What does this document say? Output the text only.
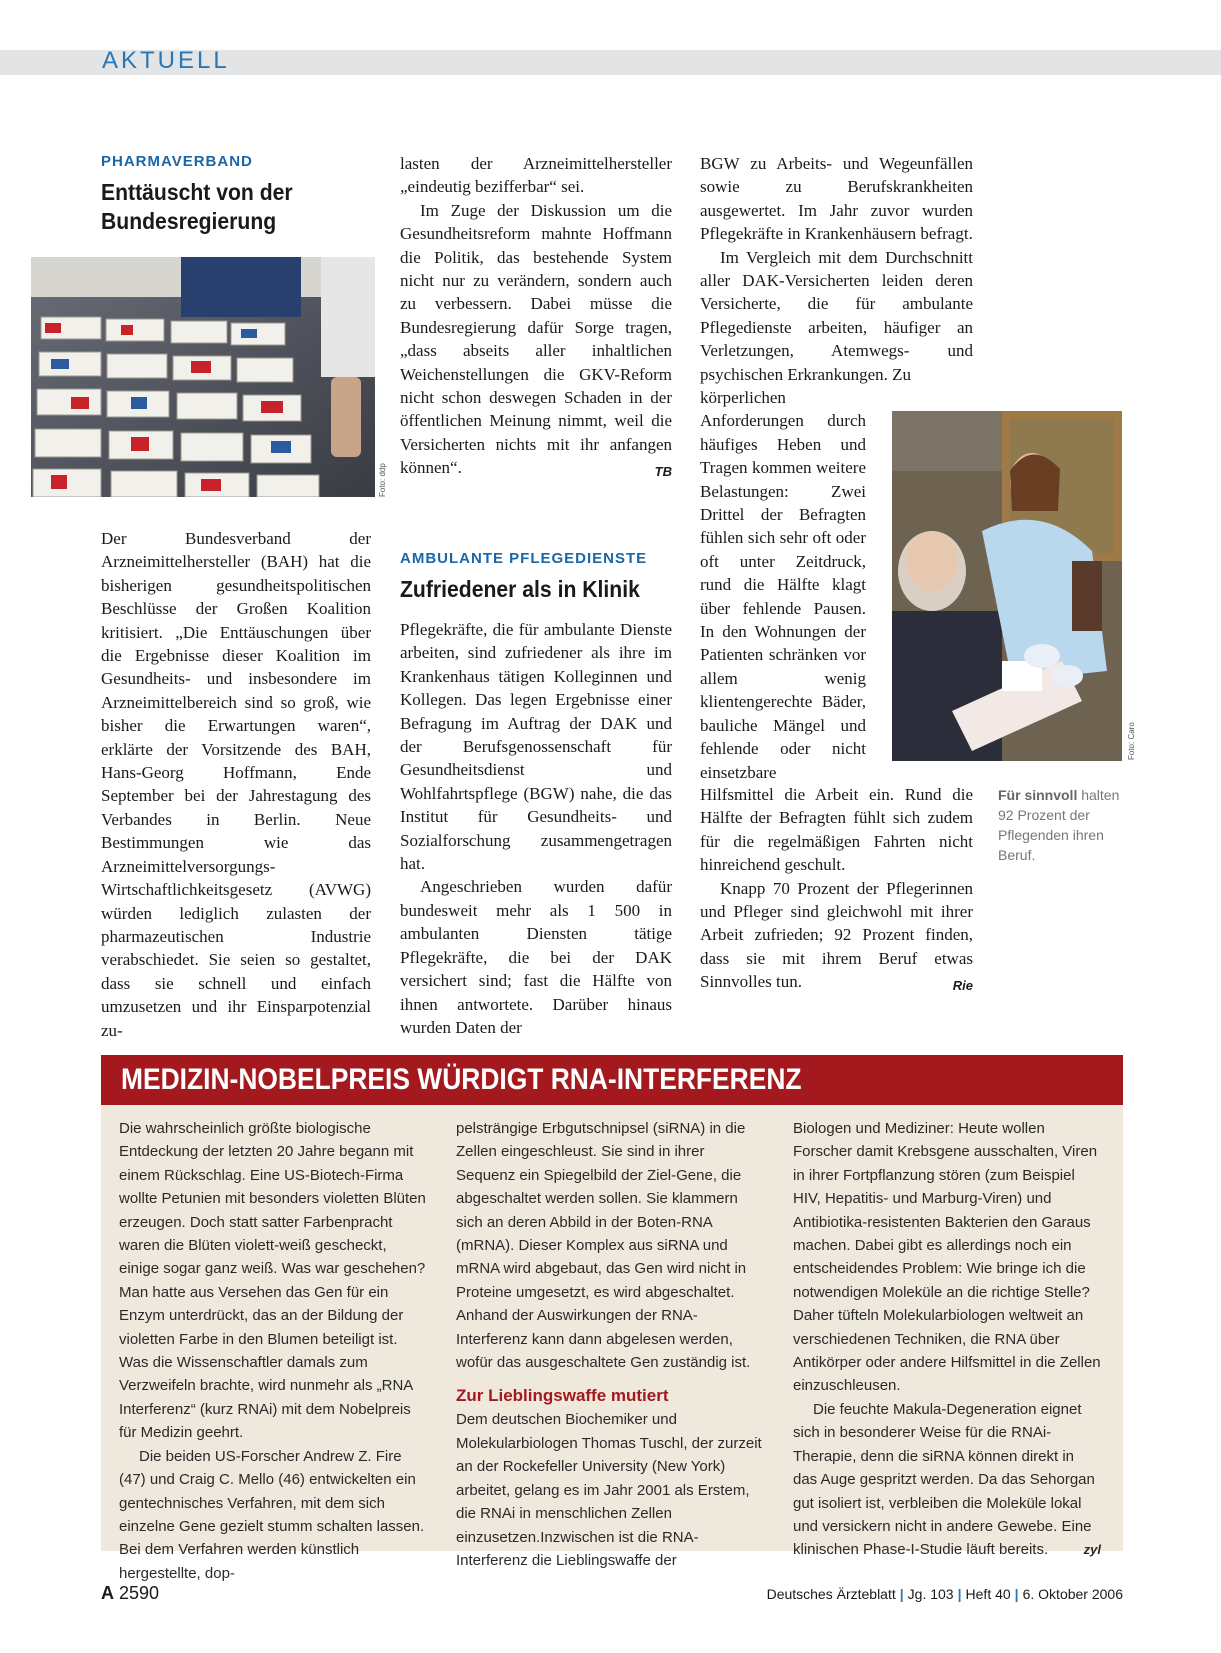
AKTUELL
PHARMAVERBAND
Enttäuscht von der
Bundesregierung
Foto: ddp

Der Bundesverband der Arzneimittelhersteller (BAH) hat die bisherigen gesundheitspolitischen Beschlüsse der Großen Koalition kritisiert. „Die Enttäuschungen über die Ergebnisse dieser Koalition im Gesundheits- und insbesondere im Arzneimittelbereich sind so groß, wie bisher die Erwartungen waren“, erklärte der Vorsitzende des BAH, Hans-Georg Hoffmann, Ende September bei der Jahrestagung des Verbandes in Berlin. Neue Bestimmungen wie das Arzneimittelversorgungs-Wirtschaftlichkeitsgesetz (AVWG) würden lediglich zulasten der pharmazeutischen Industrie verabschiedet. Sie seien so gestaltet, dass sie schnell und einfach umzusetzen und ihr Einsparpotenzial zu-

lasten der Arzneimittelhersteller „eindeutig bezifferbar“ sei.

Im Zuge der Diskussion um die Gesundheitsreform mahnte Hoffmann die Politik, das bestehende System nicht nur zu verändern, sondern auch zu verbessern. Dabei müsse die Bundesregierung dafür Sorge tragen, „dass abseits aller inhaltlichen Weichenstellungen die GKV-Reform nicht schon deswegen Schaden in der öffentlichen Meinung nimmt, weil die Versicherten nichts mit ihr anfangen können“.	TB

AMBULANTE PFLEGEDIENSTE
Zufriedener als in Klinik

Pflegekräfte, die für ambulante Dienste arbeiten, sind zufriedener als ihre im Krankenhaus tätigen Kolleginnen und Kollegen. Das legen Ergebnisse einer Befragung im Auftrag der DAK und der Berufsgenossenschaft für Gesundheitsdienst und Wohlfahrtspflege (BGW) nahe, die das Institut für Gesundheits- und Sozialforschung zusammengetragen hat.

Angeschrieben wurden dafür bundesweit mehr als 1 500 in ambulanten Diensten tätige Pflegekräfte, die bei der DAK versichert sind; fast die Hälfte von ihnen antwortete. Darüber hinaus wurden Daten der

BGW zu Arbeits- und Wegeunfällen sowie zu Berufskrankheiten ausgewertet. Im Jahr zuvor wurden Pflegekräfte in Krankenhäusern befragt.

Im Vergleich mit dem Durchschnitt aller DAK-Versicherten leiden deren Versicherte, die für ambulante Pflegedienste arbeiten, häufiger an Verletzungen, Atemwegs- und psychischen Erkrankungen. Zu

körperlichen Anforderungen durch häufiges Heben und Tragen kommen weitere Belastungen: Zwei Drittel der Befragten fühlen sich sehr oft oder oft unter Zeitdruck, rund die Hälfte klagt über fehlende Pausen. In den Wohnungen der Patienten schränken vor allem wenig klientengerechte Bäder, bauliche Mängel und fehlende oder nicht einsetzbare

Hilfsmittel die Arbeit ein. Rund die Hälfte der Befragten fühlt sich zudem für die regelmäßigen Fahrten nicht hinreichend geschult.

Knapp 70 Prozent der Pflegerinnen und Pfleger sind gleichwohl mit ihrer Arbeit zufrieden; 92 Prozent finden, dass sie mit ihrem Beruf etwas Sinnvolles tun.	Rie

Foto: Caro
Für sinnvoll halten 92 Prozent der Pflegenden ihren Beruf.
MEDIZIN-NOBELPREIS WÜRDIGT RNA-INTERFERENZ

Die wahrscheinlich größte biologische Entdeckung der letzten 20 Jahre begann mit einem Rückschlag. Eine US-Biotech-Firma wollte Petunien mit besonders violetten Blüten erzeugen. Doch statt satter Farbenpracht waren die Blüten violett-weiß gescheckt, einige sogar ganz weiß. Was war geschehen? Man hatte aus Versehen das Gen für ein Enzym unterdrückt, das an der Bildung der violetten Farbe in den Blumen beteiligt ist. Was die Wissenschaftler damals zum Verzweifeln brachte, wird nunmehr als „RNA Interferenz“ (kurz RNAi) mit dem Nobelpreis für Medizin geehrt.

Die beiden US-Forscher Andrew Z. Fire (47) und Craig C. Mello (46) entwickelten ein gentechnisches Verfahren, mit dem sich einzelne Gene gezielt stumm schalten lassen. Bei dem Verfahren werden künstlich hergestellte, dop-

pelsträngige Erbgutschnipsel (siRNA) in die Zellen eingeschleust. Sie sind in ihrer Sequenz ein Spiegelbild der Ziel-Gene, die abgeschaltet werden sollen. Sie klammern sich an deren Abbild in der Boten-RNA (mRNA). Dieser Komplex aus siRNA und mRNA wird abgebaut, das Gen wird nicht in Proteine umgesetzt, es wird abgeschaltet. Anhand der Auswirkungen der RNA-Interferenz kann dann abgelesen werden, wofür das ausgeschaltete Gen zuständig ist.

Zur Lieblingswaffe mutiert

Dem deutschen Biochemiker und Molekularbiologen Thomas Tuschl, der zurzeit an der Rockefeller University (New York) arbeitet, gelang es im Jahr 2001 als Erstem, die RNAi in menschlichen Zellen einzusetzen.Inzwischen ist die RNA-Interferenz die Lieblingswaffe der

Biologen und Mediziner: Heute wollen Forscher damit Krebsgene ausschalten, Viren in ihrer Fortpflanzung stören (zum Beispiel HIV, Hepatitis- und Marburg-Viren) und Antibiotika-resistenten Bakterien den Garaus machen. Dabei gibt es allerdings noch ein entscheidendes Problem: Wie bringe ich die notwendigen Moleküle an die richtige Stelle? Daher tüfteln Molekularbiologen weltweit an verschiedenen Techniken, die RNA über Antikörper oder andere Hilfsmittel in die Zellen einzuschleusen.

Die feuchte Makula-Degeneration eignet sich in besonderer Weise für die RNAi-Therapie, denn die siRNA können direkt in das Auge gespritzt werden. Da das Sehorgan gut isoliert ist, verbleiben die Moleküle lokal und versickern nicht in andere Gewebe. Eine klinischen Phase-I-Studie läuft bereits.	zyl

A 2590	Deutsches Ärzteblatt | Jg. 103 | Heft 40 | 6. Oktober 2006
